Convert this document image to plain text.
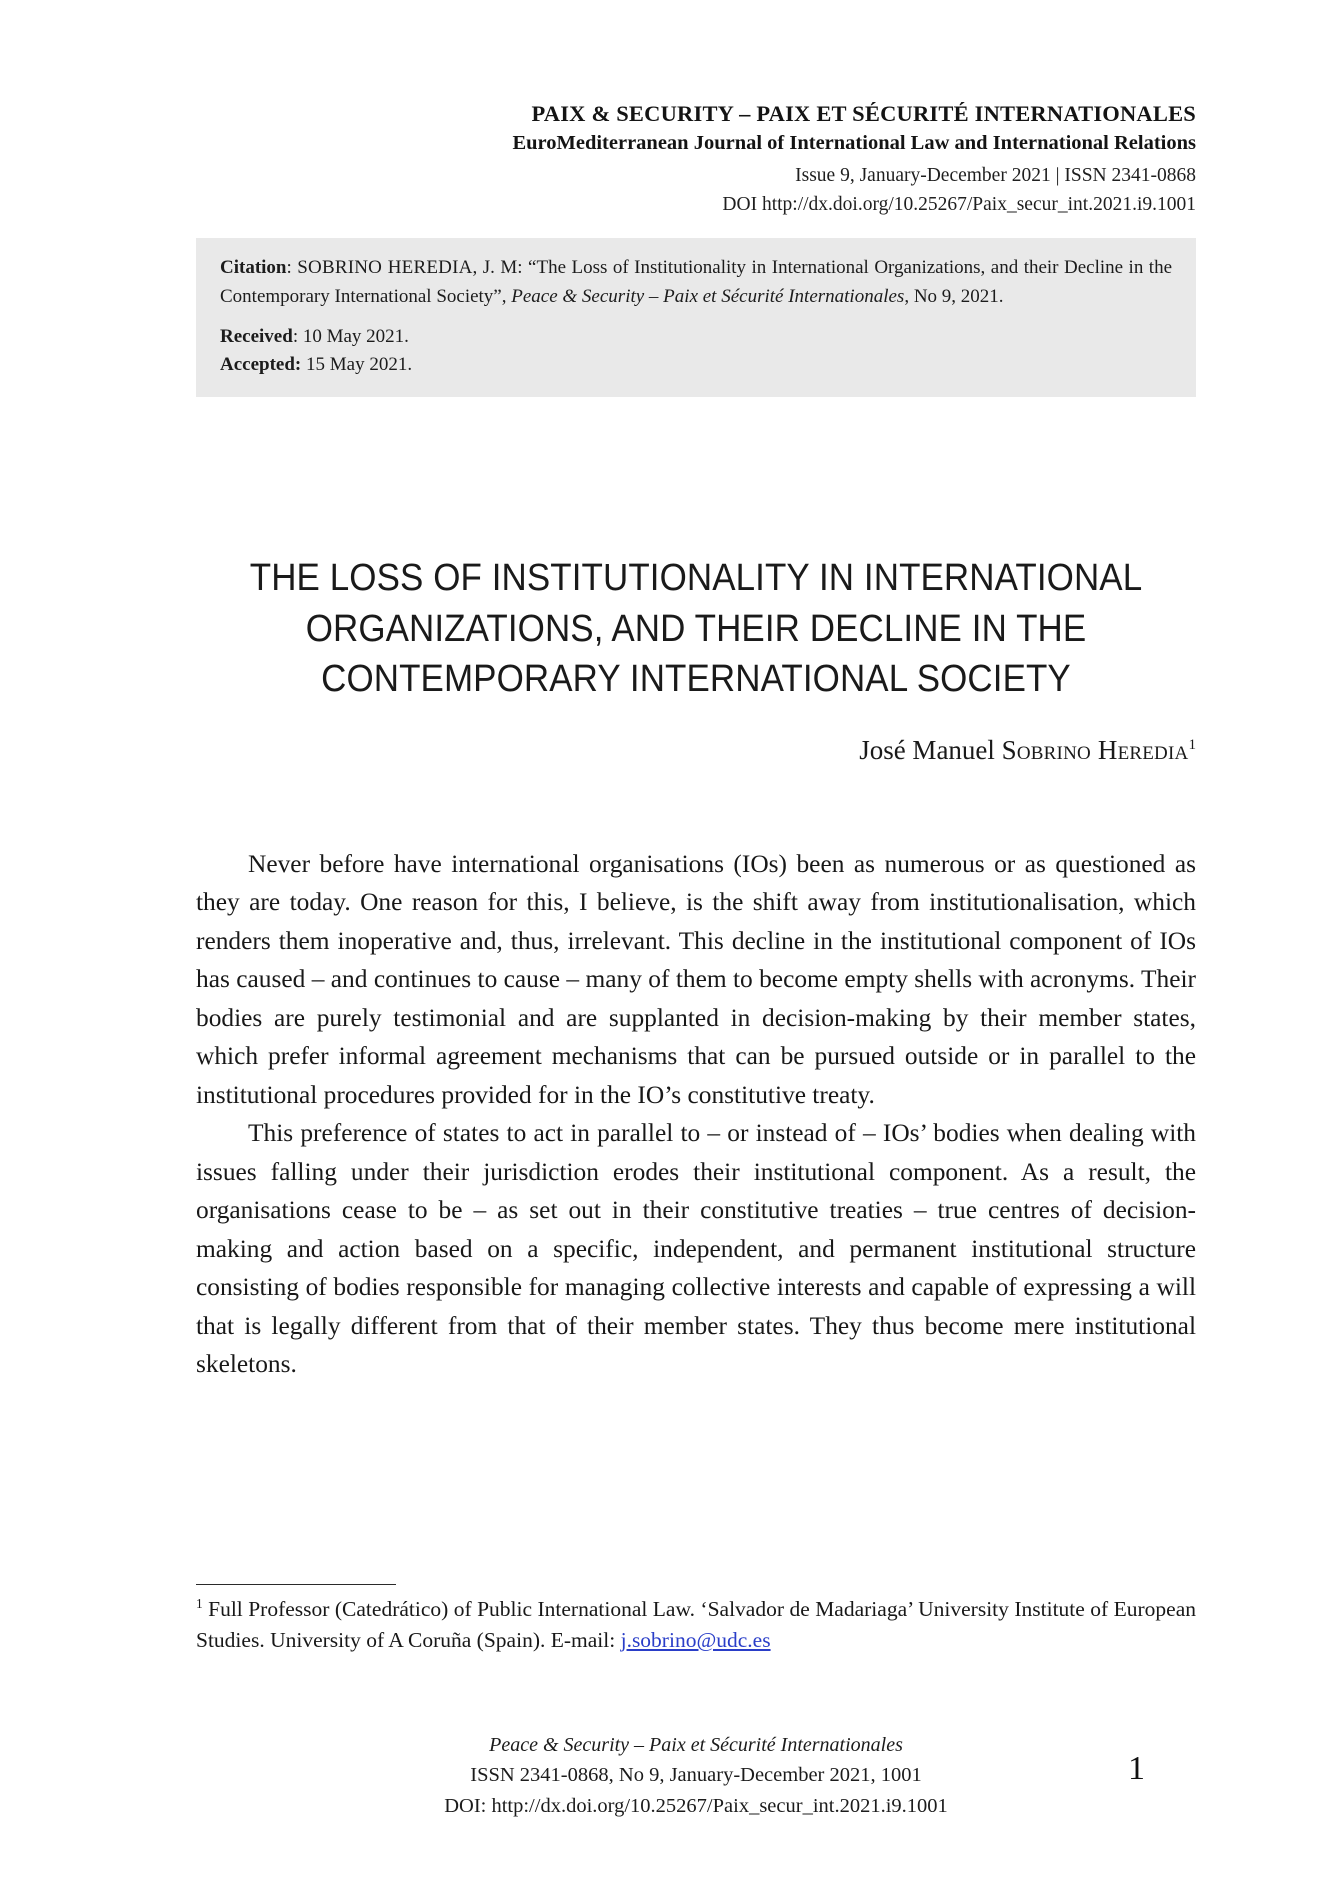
PAIX & SECURITY – PAIX ET SÉCURITÉ INTERNATIONALES
EuroMediterranean Journal of International Law and International Relations
Issue 9, January-December 2021 | ISSN 2341-0868
DOI http://dx.doi.org/10.25267/Paix_secur_int.2021.i9.1001
Citation: SOBRINO HEREDIA, J. M: “The Loss of Institutionality in International Organizations, and their Decline in the Contemporary International Society”, Peace & Security – Paix et Sécurité Internationales, No 9, 2021.
Received: 10 May 2021.
Accepted: 15 May 2021.
THE LOSS OF INSTITUTIONALITY IN INTERNATIONAL ORGANIZATIONS, AND THEIR DECLINE IN THE CONTEMPORARY INTERNATIONAL SOCIETY
José Manuel Sobrino Heredia$^1$

Never before have international organisations (IOs) been as numerous or as questioned as they are today. One reason for this, I believe, is the shift away from institutionalisation, which renders them inoperative and, thus, irrelevant. This decline in the institutional component of IOs has caused – and continues to cause – many of them to become empty shells with acronyms. Their bodies are purely testimonial and are supplanted in decision-making by their member states, which prefer informal agreement mechanisms that can be pursued outside or in parallel to the institutional procedures provided for in the IO’s constitutive treaty.

This preference of states to act in parallel to – or instead of – IOs’ bodies when dealing with issues falling under their jurisdiction erodes their institutional component. As a result, the organisations cease to be – as set out in their constitutive treaties – true centres of decision-making and action based on a specific, independent, and permanent institutional structure consisting of bodies responsible for managing collective interests and capable of expressing a will that is legally different from that of their member states. They thus become mere institutional skeletons.

$^1$ Full Professor (Catedrático) of Public International Law. ‘Salvador de Madariaga’ University Institute of European Studies. University of A Coruña (Spain). E-mail: j.sobrino@udc.es
Peace & Security – Paix et Sécurité Internationales
ISSN 2341-0868, No 9, January-December 2021, 1001
DOI: http://dx.doi.org/10.25267/Paix_secur_int.2021.i9.1001
1
